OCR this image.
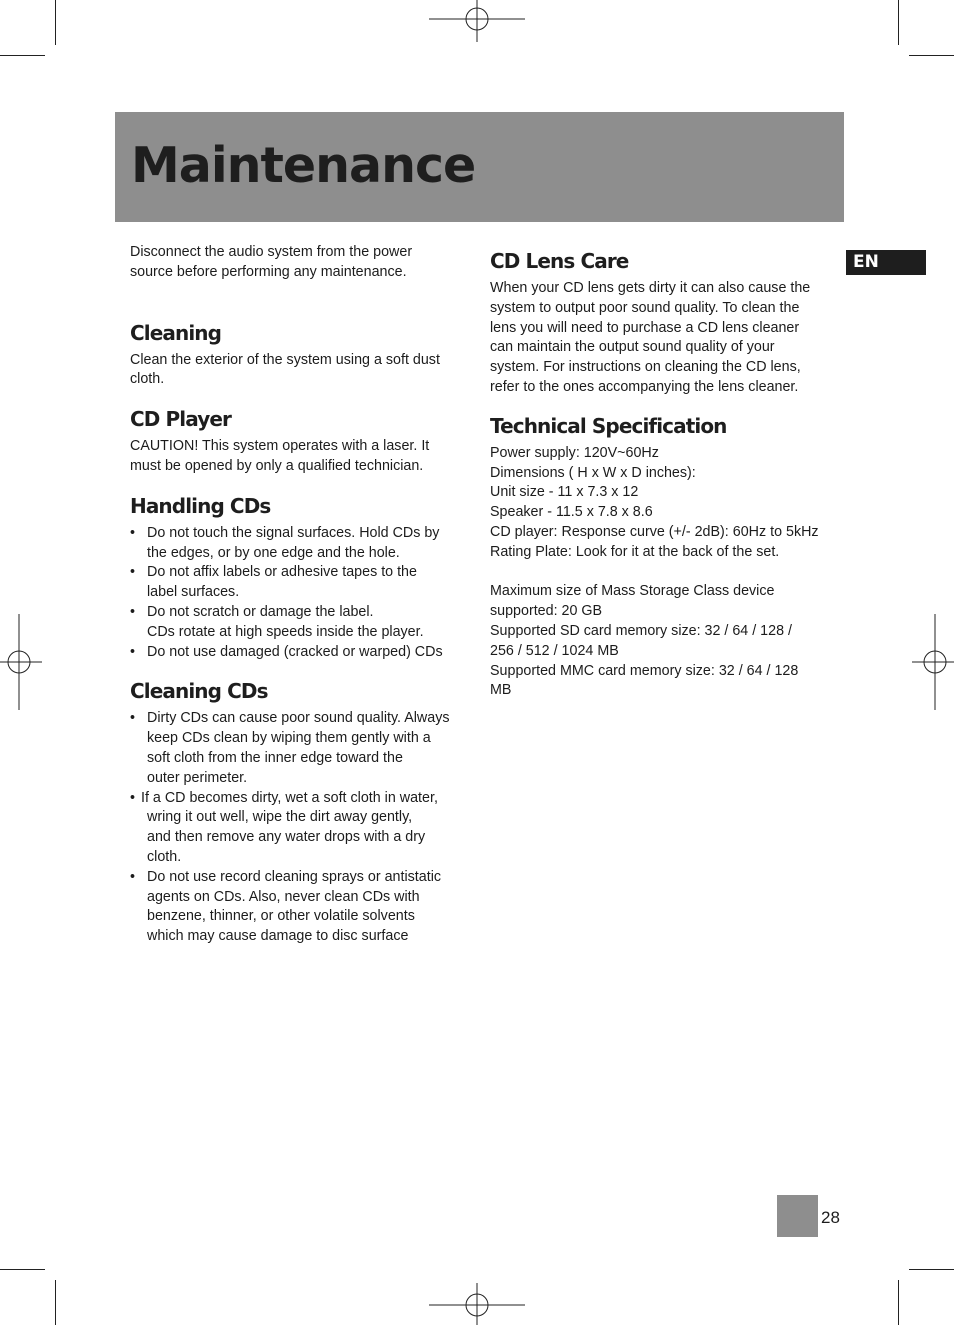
Maintenance
EN
Disconnect the audio system from the power
source before performing any maintenance.
Cleaning
Clean the exterior of the system using a soft dust
cloth.
CD Player
CAUTION! This system operates with a laser. It
must be opened by only a qualified technician.
Handling CDs
• Do not touch the signal surfaces. Hold CDs by
the edges, or by one edge and the hole.
• Do not affix labels or adhesive tapes to the
label surfaces.
• Do not scratch or damage the label.
CDs rotate at high speeds inside the player.
• Do not use damaged (cracked or warped) CDs
Cleaning CDs
• Dirty CDs can cause poor sound quality. Always
keep CDs clean by wiping them gently with a
soft cloth from the inner edge toward the
outer perimeter.
• If a CD becomes dirty, wet a soft cloth in water,
wring it out well, wipe the dirt away gently,
and then remove any water drops with a dry
cloth.
• Do not use record cleaning sprays or antistatic
agents on CDs. Also, never clean CDs with
benzene, thinner, or other volatile solvents
which may cause damage to disc surface
CD Lens Care
When your CD lens gets dirty it can also cause the
system to output poor sound quality. To clean the
lens you will need to purchase a CD lens cleaner
can maintain the output sound quality of your
system. For instructions on cleaning the CD lens,
refer to the ones accompanying the lens cleaner.
Technical Specification
Power supply: 120V~60Hz
Dimensions ( H x W x D inches):
Unit size - 11 x 7.3 x 12
Speaker - 11.5 x 7.8 x 8.6
CD player: Response curve (+/- 2dB): 60Hz to 5kHz
Rating Plate: Look for it at the back of the set.
Maximum size of Mass Storage Class device
supported: 20 GB
Supported SD card memory size: 32 / 64 / 128 /
256 / 512 / 1024 MB
Supported MMC card memory size: 32 / 64 / 128
MB
28
